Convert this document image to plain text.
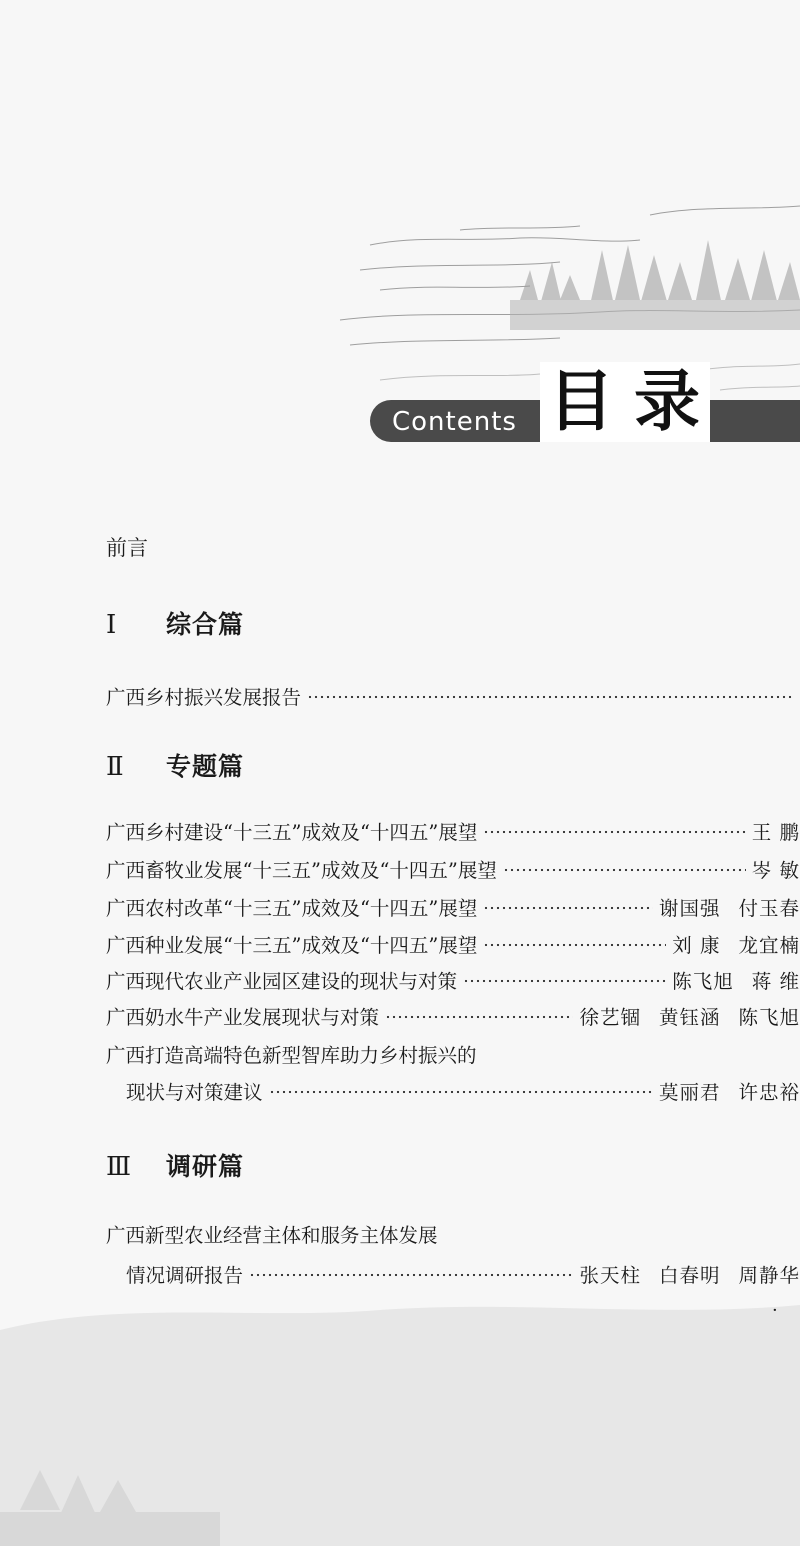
Contents 目录
前言
Ⅰ 综合篇
广西乡村振兴发展报告
Ⅱ 专题篇
广西乡村建设“十三五”成效及“十四五”展望	王 鹏
广西畜牧业发展“十三五”成效及“十四五”展望	岑 敏
广西农村改革“十三五”成效及“十四五”展望	谢国强 付玉春
广西种业发展“十三五”成效及“十四五”展望	刘 康 龙宜楠
广西现代农业产业园区建设的现状与对策	陈飞旭 蒋 维
广西奶水牛产业发展现状与对策	徐艺锢 黄钰涵 陈飞旭
广西打造高端特色新型智库助力乡村振兴的
现状与对策建议	莫丽君 许忠裕
Ⅲ 调研篇
广西新型农业经营主体和服务主体发展
情况调研报告	张天柱 白春明 周静华
·
